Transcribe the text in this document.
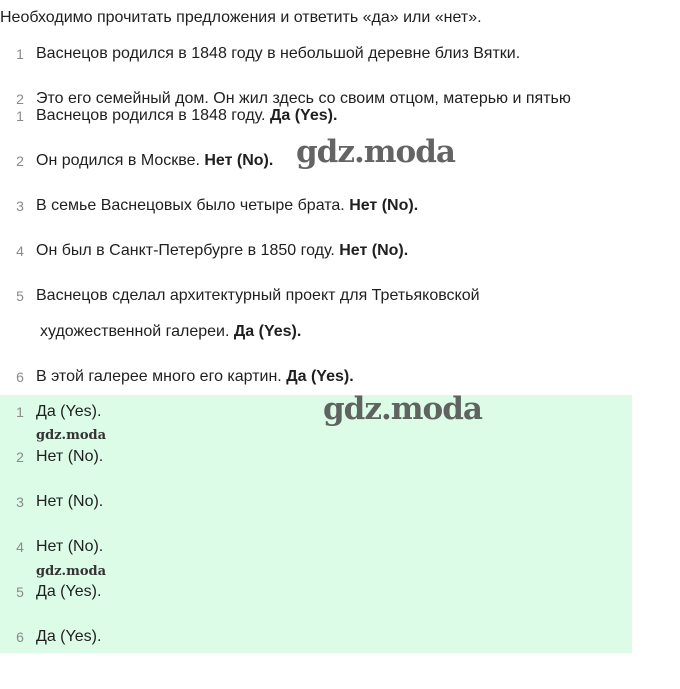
Необходимо прочитать предложения и ответить «да» или «нет».
1 Васнецов родился в 1848 году в небольшой деревне близ Вятки.
2 Это его семейный дом. Он жил здесь со своим отцом, матерью и пятью
1 Васнецов родился в 1848 году. Да (Yes).
2 Он родился в Москве. Нет (No).
3 В семье Васнецовых было четыре брата. Нет (No).
4 Он был в Санкт-Петербурге в 1850 году. Нет (No).
5 Васнецов сделал архитектурный проект для Третьяковской
художественной галереи. Да (Yes).
6 В этой галерее много его картин. Да (Yes).
1 Да (Yes).
2 Нет (No).
3 Нет (No).
4 Нет (No).
5 Да (Yes).
6 Да (Yes).
gdz.moda
gdz.moda
gdz.moda
gdz.moda
